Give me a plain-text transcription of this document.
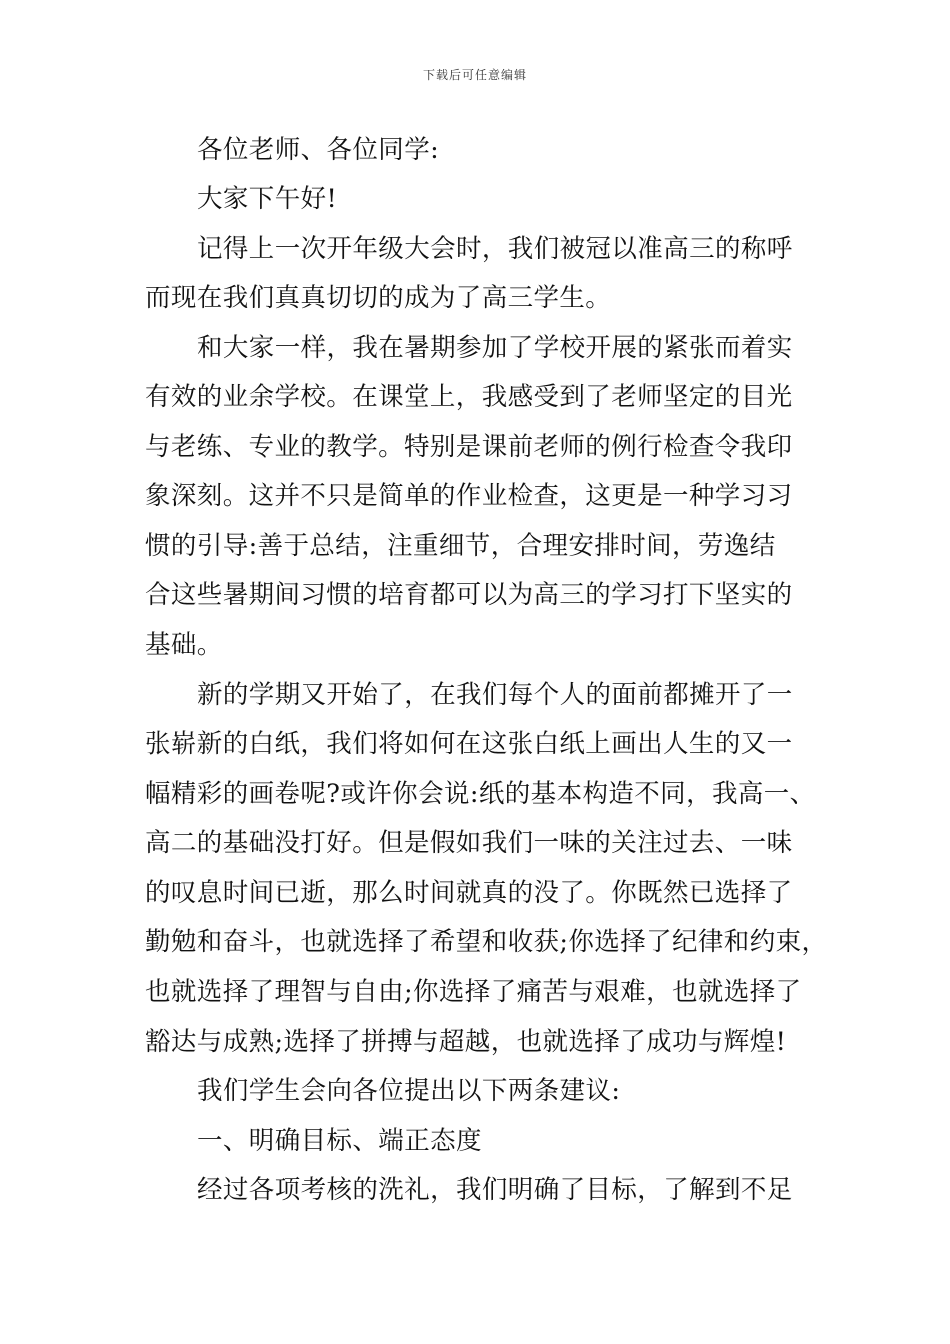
下载后可任意编辑
各位老师、各位同学:
大家下午好!
记得上一次开年级大会时，我们被冠以准高三的称呼
而现在我们真真切切的成为了高三学生。
和大家一样，我在暑期参加了学校开展的紧张而着实
有效的业余学校。在课堂上，我感受到了老师坚定的目光
与老练、专业的教学。特别是课前老师的例行检查令我印
象深刻。这并不只是简单的作业检查，这更是一种学习习
惯的引导:善于总结，注重细节，合理安排时间，劳逸结
合这些暑期间习惯的培育都可以为高三的学习打下坚实的
基础。
新的学期又开始了，在我们每个人的面前都摊开了一
张崭新的白纸，我们将如何在这张白纸上画出人生的又一
幅精彩的画卷呢?或许你会说:纸的基本构造不同，我高一、
高二的基础没打好。但是假如我们一味的关注过去、一味
的叹息时间已逝，那么时间就真的没了。你既然已选择了
勤勉和奋斗，也就选择了希望和收获;你选择了纪律和约束，
也就选择了理智与自由;你选择了痛苦与艰难，也就选择了
豁达与成熟;选择了拼搏与超越，也就选择了成功与辉煌!
我们学生会向各位提出以下两条建议:
一、明确目标、端正态度
经过各项考核的洗礼，我们明确了目标，了解到不足
